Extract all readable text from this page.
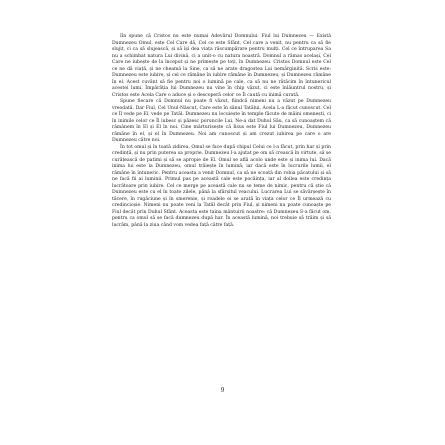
Iîn spune că Cristos nu este numai Adevărul Domnului. Fiul lui Dumnezeu — Există Dumnezeu Omul, este Cel Care dă, Cel ce este Sfânt, Cel care a venit, nu pentru ca să fie slujit, ci ca să slujească, și să își dea viața răscumpărare pentru mulți. Cel ce întruparea Sa nu a schimbat natura Lui divină, ci a unit-o cu natura noastră. Domnul a rămas același, Cel Care ne iubește de la început și ne primește pe toți, în Dumnezeu. Cristos Domnul este Cel ce ne dă viață, și ne cheamă la Sine, ca să ne arate dragostea Lui nemărginită. Scris este: Dumnezeu este iubire, și cel ce rămâne în iubire rămâne în Dumnezeu, și Dumnezeu rămâne în el. Acest cuvânt să fie pentru noi o lumină pe cale, ca să nu ne rătăcim în întunericul acestei lumi. Împărăția lui Dumnezeu nu vine în chip văzut, ci este înlăuntrul nostru, și Cristos este Acela Care o aduce și o descoperă celor ce Îl caută cu inimă curată.

Spune fiecare că Domnul nu poate fi văzut, fiindcă nimeni nu a văzut pe Dumnezeu vreodată. Dar Fiul, Cel Unul-Născut, Care este în sânul Tatălui, Acela L-a făcut cunoscut. Cel ce Îl vede pe El, vede pe Tatăl. Dumnezeu nu locuiește în temple făcute de mâini omenești, ci în inimile celor ce Îl iubesc și păzesc poruncile Lui. Ne-a dat Duhul Său, ca să cunoaștem că rămânem în El și El în noi. Cine mărturisește că Iisus este Fiul lui Dumnezeu, Dumnezeu rămâne în el, și el în Dumnezeu. Noi am cunoscut și am crezut iubirea pe care o are Dumnezeu către noi.

În tot omul și în toată zidirea, Omul se face după chipul Celui ce l-a făcut, prin har și prin credință, și nu prin puterea sa proprie. Dumnezeu l-a ajutat pe om să crească în virtute, să se curățească de patimi și să se apropie de El. Omul se află acolo unde este și inima lui. Dacă inima lui este la Dumnezeu, omul trăiește în lumină; iar dacă este în lucrurile lumii, el rămâne în întuneric. Pentru aceasta a venit Domnul, ca să ne scoată din robia păcatului și să ne facă fii ai luminii. Primul pas pe această cale este pocăința, iar al doilea este credința lucrătoare prin iubire. Cel ce merge pe această cale nu se teme de nimic, pentru că știe că Dumnezeu este cu el în toate zilele, până la sfârșitul veacului. Lucrarea Lui se săvârșește în tăcere, în rugăciune și în smerenie, și roadele ei se arată în viața celor ce Îl urmează cu credincioșie. Nimeni nu poate veni la Tatăl decât prin Fiul, și nimeni nu poate cunoaște pe Fiul decât prin Duhul Sfânt. Aceasta este taina mântuirii noastre: că Dumnezeu S-a făcut om, pentru ca omul să se facă dumnezeu după har. În această lumină, noi trebuie să trăim și să lucrăm, până la ziua când vom vedea față către față.

9
